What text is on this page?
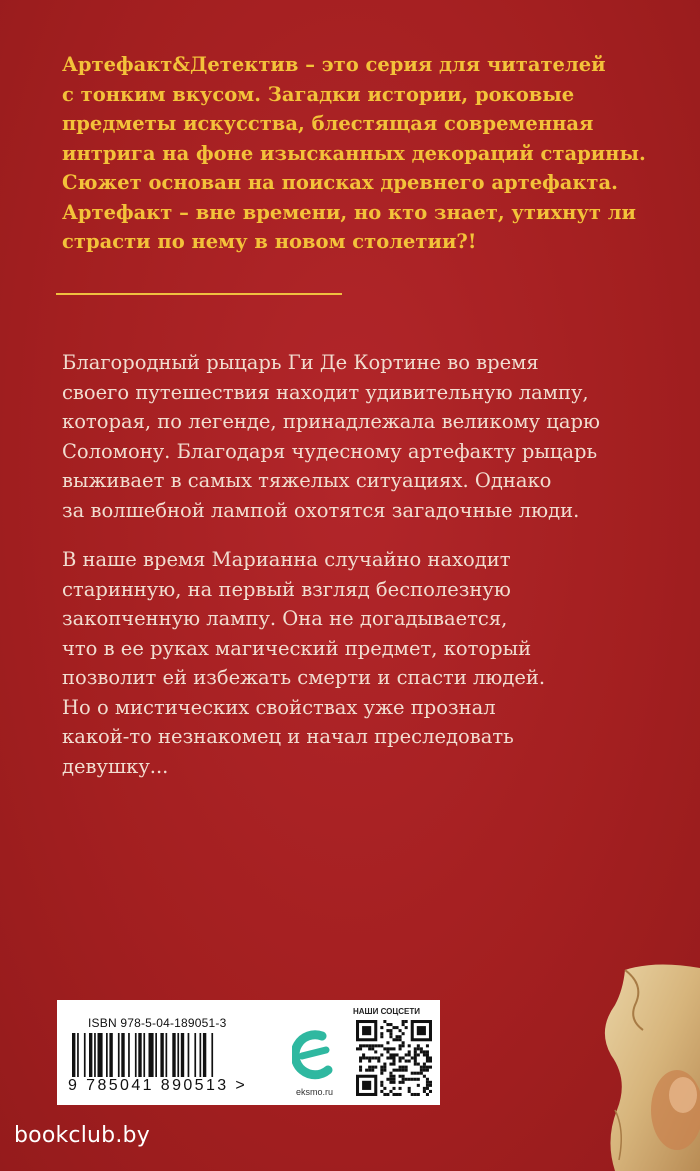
Артефакт&Детектив – это серия для читателей

с тонким вкусом. Загадки истории, роковые

предметы искусства, блестящая современная

интрига на фоне изысканных декораций старины.

Сюжет основан на поисках древнего артефакта.

Артефакт – вне времени, но кто знает, утихнут ли

страсти по нему в новом столетии?!

Благородный рыцарь Ги Де Кортине во время

своего путешествия находит удивительную лампу,

которая, по легенде, принадлежала великому царю

Соломону. Благодаря чудесному артефакту рыцарь

выживает в самых тяжелых ситуациях. Однако

за волшебной лампой охотятся загадочные люди.

В наше время Марианна случайно находит

старинную, на первый взгляд бесполезную

закопченную лампу. Она не догадывается,

что в ее руках магический предмет, который

позволит ей избежать смерти и спасти людей.

Но о мистических свойствах уже прознал

какой-то незнакомец и начал преследовать

девушку...

ISBN 978-5-04-189051-3
9 785041 890513 >	eksmo.ru
НАШИ СОЦСЕТИ
bookclub.by
